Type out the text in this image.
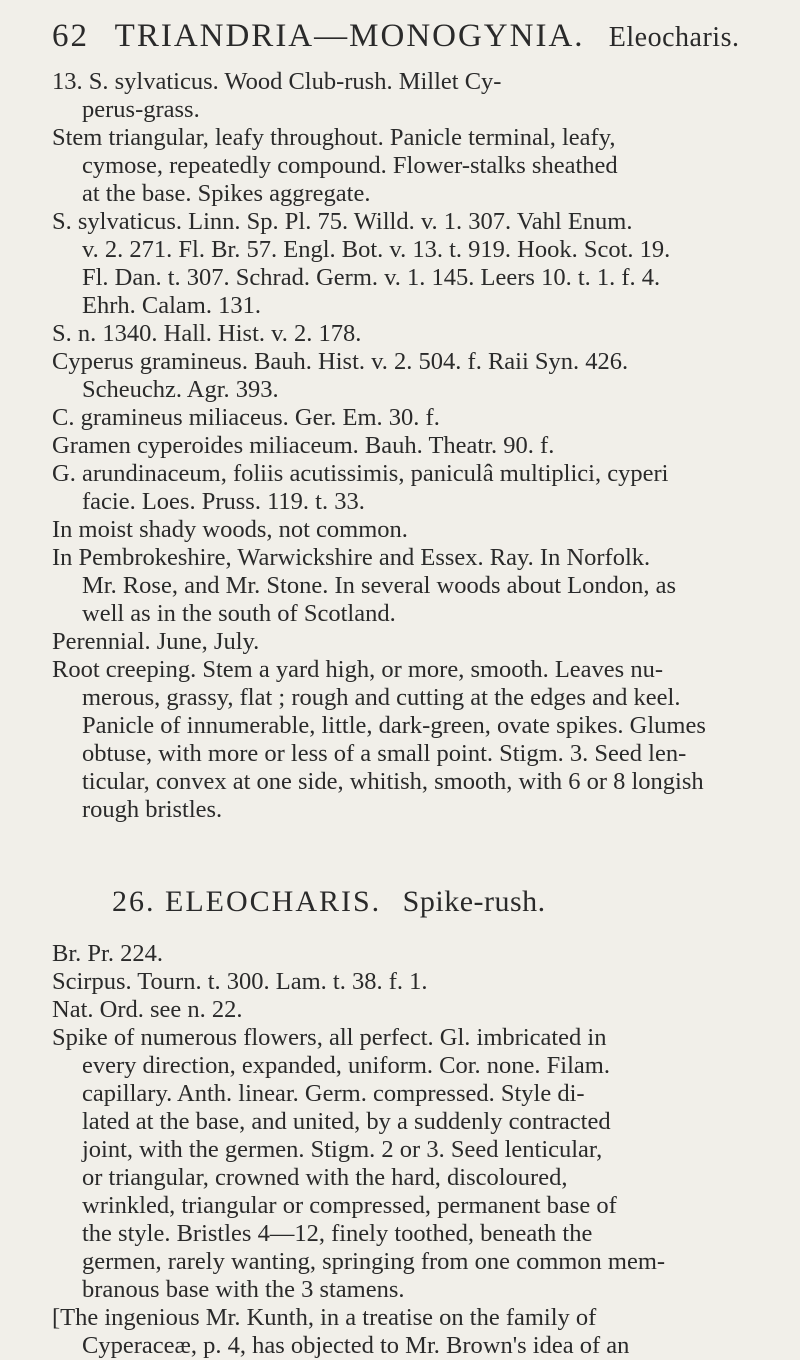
62 TRIANDRIA—MONOGYNIA. Eleocharis.
13. S. sylvaticus. Wood Club-rush. Millet Cy-
perus-grass.
Stem triangular, leafy throughout. Panicle terminal, leafy,
cymose, repeatedly compound. Flower-stalks sheathed
at the base. Spikes aggregate.
S. sylvaticus. Linn. Sp. Pl. 75. Willd. v. 1. 307. Vahl Enum.
v. 2. 271. Fl. Br. 57. Engl. Bot. v. 13. t. 919. Hook. Scot. 19.
Fl. Dan. t. 307. Schrad. Germ. v. 1. 145. Leers 10. t. 1. f. 4.
Ehrh. Calam. 131.
S. n. 1340. Hall. Hist. v. 2. 178.
Cyperus gramineus. Bauh. Hist. v. 2. 504. f. Raii Syn. 426.
Scheuchz. Agr. 393.
C. gramineus miliaceus. Ger. Em. 30. f.
Gramen cyperoides miliaceum. Bauh. Theatr. 90. f.
G. arundinaceum, foliis acutissimis, paniculâ multiplici, cyperi
facie. Loes. Pruss. 119. t. 33.
In moist shady woods, not common.
In Pembrokeshire, Warwickshire and Essex. Ray. In Norfolk.
Mr. Rose, and Mr. Stone. In several woods about London, as
well as in the south of Scotland.
Perennial. June, July.
Root creeping. Stem a yard high, or more, smooth. Leaves nu-
merous, grassy, flat ; rough and cutting at the edges and keel.
Panicle of innumerable, little, dark-green, ovate spikes. Glumes
obtuse, with more or less of a small point. Stigm. 3. Seed len-
ticular, convex at one side, whitish, smooth, with 6 or 8 longish
rough bristles.
26. ELEOCHARIS. Spike-rush.
Br. Pr. 224.
Scirpus. Tourn. t. 300. Lam. t. 38. f. 1.
Nat. Ord. see n. 22.
Spike of numerous flowers, all perfect. Gl. imbricated in
every direction, expanded, uniform. Cor. none. Filam.
capillary. Anth. linear. Germ. compressed. Style di-
lated at the base, and united, by a suddenly contracted
joint, with the germen. Stigm. 2 or 3. Seed lenticular,
or triangular, crowned with the hard, discoloured,
wrinkled, triangular or compressed, permanent base of
the style. Bristles 4—12, finely toothed, beneath the
germen, rarely wanting, springing from one common mem-
branous base with the 3 stamens.
[The ingenious Mr. Kunth, in a treatise on the family of
Cyperaceæ, p. 4, has objected to Mr. Brown's idea of an
